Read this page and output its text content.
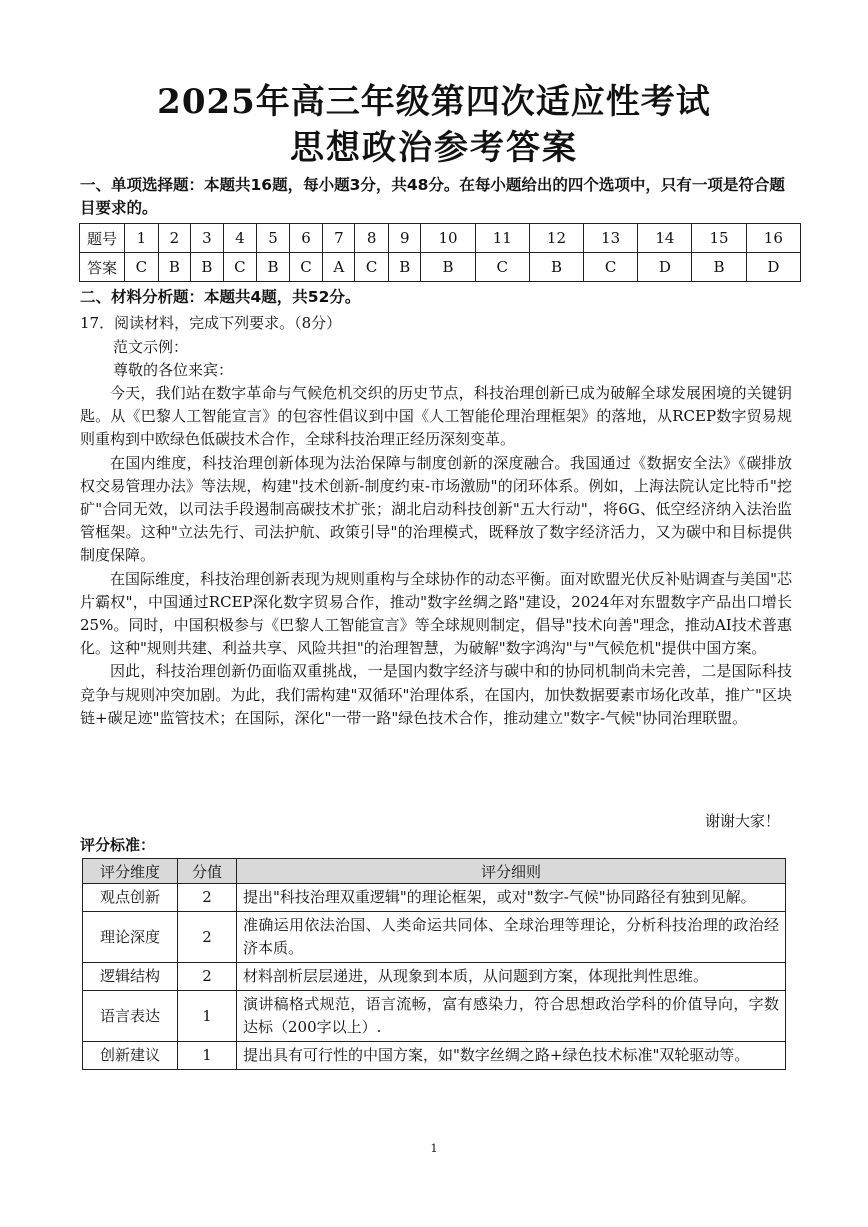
2025年高三年级第四次适应性考试
思想政治参考答案
一、单项选择题：本题共16题，每小题3分，共48分。在每小题给出的四个选项中，只有一项是符合题目要求的。
题号	1	2	3	4	5	6	7	8	9	10	11	12	13	14	15	16
答案	C	B	B	C	B	C	A	C	B	B	C	B	C	D	B	D
二、材料分析题：本题共4题，共52分。
17．阅读材料，完成下列要求。（8分）
范文示例：
尊敬的各位来宾：

今天，我们站在数字革命与气候危机交织的历史节点，科技治理创新已成为破解全球发展困境的关键钥匙。从《巴黎人工智能宣言》的包容性倡议到中国《人工智能伦理治理框架》的落地，从RCEP数字贸易规则重构到中欧绿色低碳技术合作，全球科技治理正经历深刻变革。

在国内维度，科技治理创新体现为法治保障与制度创新的深度融合。我国通过《数据安全法》《碳排放权交易管理办法》等法规，构建"技术创新-制度约束-市场激励"的闭环体系。例如，上海法院认定比特币"挖矿"合同无效，以司法手段遏制高碳技术扩张；湖北启动科技创新"五大行动"，将6G、低空经济纳入法治监管框架。这种"立法先行、司法护航、政策引导"的治理模式，既释放了数字经济活力，又为碳中和目标提供制度保障。

在国际维度，科技治理创新表现为规则重构与全球协作的动态平衡。面对欧盟光伏反补贴调查与美国"芯片霸权"，中国通过RCEP深化数字贸易合作，推动"数字丝绸之路"建设，2024年对东盟数字产品出口增长25%。同时，中国积极参与《巴黎人工智能宣言》等全球规则制定，倡导"技术向善"理念，推动AI技术普惠化。这种"规则共建、利益共享、风险共担"的治理智慧，为破解"数字鸿沟"与"气候危机"提供中国方案。

因此，科技治理创新仍面临双重挑战，一是国内数字经济与碳中和的协同机制尚未完善，二是国际科技竞争与规则冲突加剧。为此，我们需构建"双循环"治理体系，在国内，加快数据要素市场化改革，推广"区块链+碳足迹"监管技术；在国际，深化"一带一路"绿色技术合作，推动建立"数字-气候"协同治理联盟。

谢谢大家！
评分标准：
评分维度	分值	评分细则
观点创新	2	提出"科技治理双重逻辑"的理论框架，或对"数字-气候"协同路径有独到见解。
理论深度	2	准确运用依法治国、人类命运共同体、全球治理等理论，分析科技治理的政治经济本质。
逻辑结构	2	材料剖析层层递进，从现象到本质，从问题到方案，体现批判性思维。
语言表达	1	演讲稿格式规范，语言流畅，富有感染力，符合思想政治学科的价值导向，字数达标（200字以上）.
创新建议	1	提出具有可行性的中国方案，如"数字丝绸之路+绿色技术标准"双轮驱动等。
1
